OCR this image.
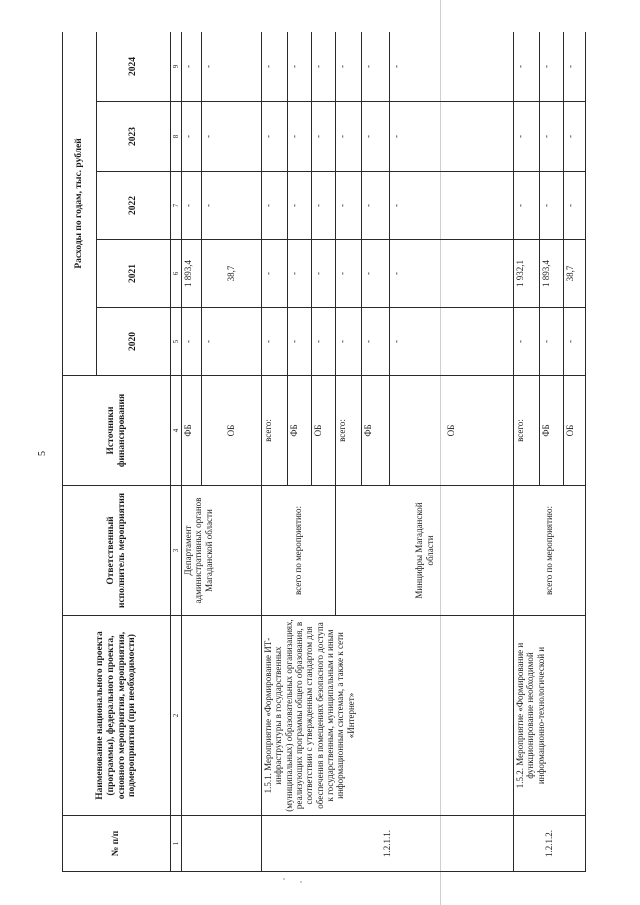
5
№ п/п	Наименование национального проекта (программы), федерального проекта, основного мероприятия, мероприятия, подмероприятия (при необходимости)	Ответственный исполнитель мероприятия	Источники финансирования	Расходы по годам, тыс. рублей				
				2020	2021	2022	2023	2024
1	2	3	4	5	6	7	8	9
		Департамент административных органов Магаданской области	ФБ	-	1 893,4	-	-	-
			ОБ	-	38,7	-	-	-
1.2.1.1.	1.5.1. Мероприятие «Формирование ИТ-инфраструктуры в государственных (муниципальных) образовательных организациях, реализующих программы общего образования, в соответствии с утвержденным стандартом для обеспечения в помещениях безопасного доступа к государственным, муниципальным и иным информационным системам, а также к сети «Интернет»	всего по мероприятию:	всего:	-	-	-	-	-
			ФБ	-	-	-	-	-
			ОБ	-	-	-	-	-
		Минцифры Магаданской области	всего:	-	-	-	-	-
			ФБ	-	-	-	-	-
			ОБ	-	-	-	-	-
1.2.1.2.	1.5.2. Мероприятие «Формирование и функционирование необходимой информационно-технологической и	всего по мероприятию:	всего:	-	1 932,1	-	-	-
			ФБ	-	1 893,4	-	-	-
			ОБ	-	38,7	-	-	-
